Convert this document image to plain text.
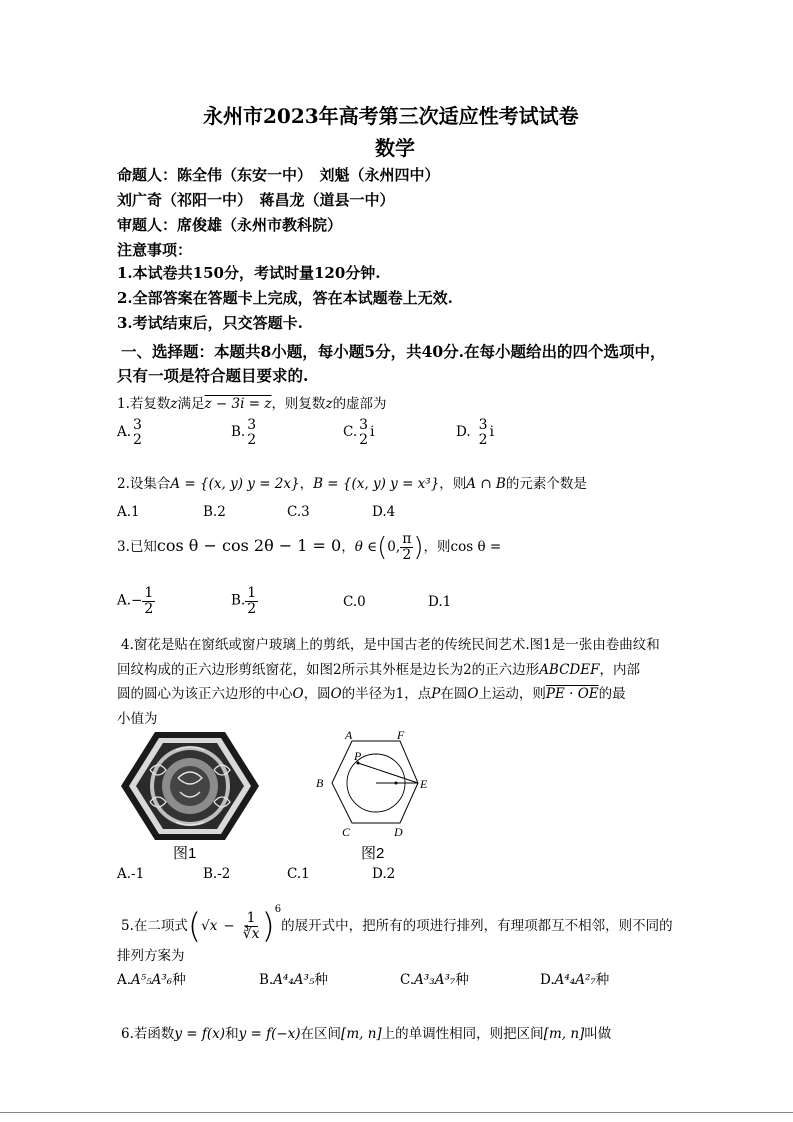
永州市2023年高考第三次适应性考试试卷
数学
命题人：陈全伟（东安一中）　刘魁（永州四中）
刘广奇（祁阳一中）　蒋昌龙（道县一中）
审题人：席俊雄（永州市教科院）
注意事项：
1.本试卷共150分，考试时量120分钟.
2.全部答案在答题卡上完成，答在本试题卷上无效.
3.考试结束后，只交答题卡.
一、选择题：本题共8小题，每小题5分，共40分.在每小题给出的四个选项中，
只有一项是符合题目要求的.
1.若复数z满足z − 3i = z，则复数z的虚部为
A. 3
2	B. 3
2	C. 3
2 i	D. 3
2 i
2.设集合A = {(x, y) y = 2x}，B = {(x, y) y = x³}，则A ∩ B的元素个数是
A.1	B.2	C.3	D.4
3.已知cos θ − cos 2θ − 1 = 0，θ ∈(0, $\frac{\pi}{2}$ )，则cos θ =
$A.- \frac{1}{2}$	B. $\frac{1}{2}$	C.0	D.1
4.窗花是贴在窗纸或窗户玻璃上的剪纸，是中国古老的传统民间艺术.图1是一张由卷曲纹和
回纹构成的正六边形剪纸窗花，如图2所示其外框是边长为2的正六边形ABCDEF，内部
圆的圆心为该正六边形的中心O，圆O的半径为1，点P在圆O上运动，则PE · OE的最
小值为
图1
A	F
B	E
C	D
P
图2
A.-1	B.-2	C.1	D.2
5.在二项式$(√x - \frac{1}{∛x} )^6$的展开式中，把所有的项进行排列，有理项都互不相邻，则不同的
排列方案为
A.A⁵₅A³₆种	B.A⁴₄A³₅种	C.A³₃A³₇种	D.A⁴₄A²₇种
6.若函数y = f(x)和y = f(−x)在区间[m, n]上的单调性相同，则把区间[m, n]叫做
